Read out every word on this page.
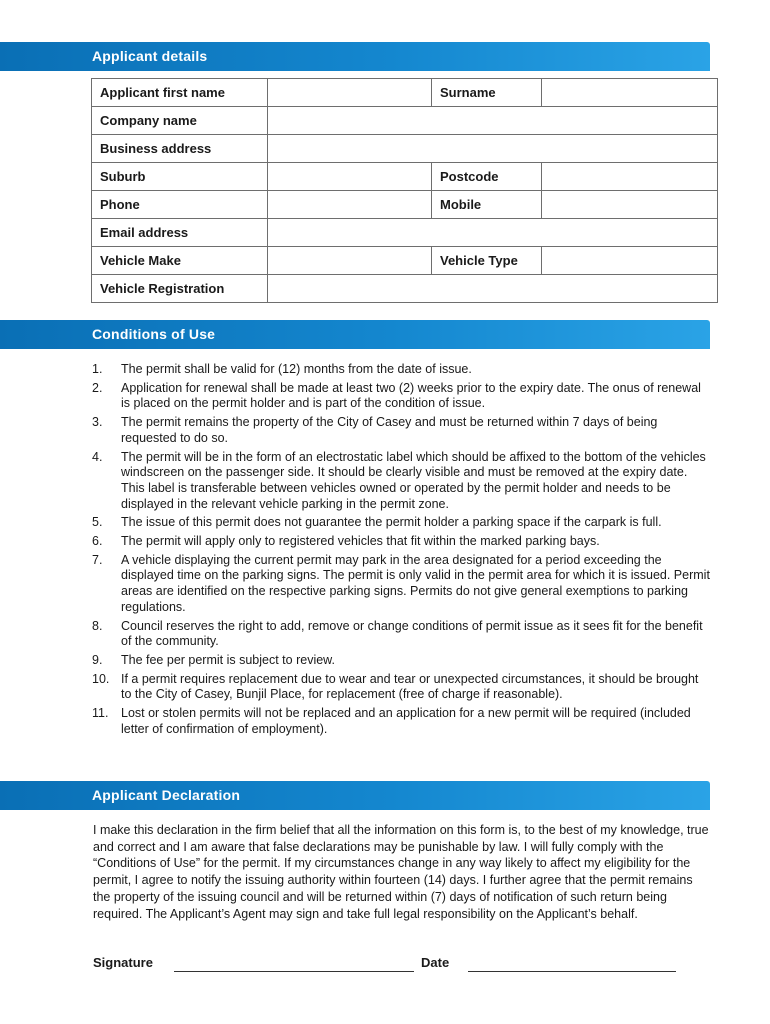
Applicant details
Applicant first name		Surname	
Company name			
Business address			
Suburb		Postcode	
Phone		Mobile	
Email address			
Vehicle Make		Vehicle Type	
Vehicle Registration			
Conditions of Use
1.	The permit shall be valid for (12) months from the date of issue.
2.	Application for renewal shall be made at least two (2) weeks prior to the expiry date. The onus of renewal is placed on the permit holder and is part of the condition of issue.
3.	The permit remains the property of the City of Casey and must be returned within 7 days of being requested to do so.
4.	The permit will be in the form of an electrostatic label which should be affixed to the bottom of the vehicles windscreen on the passenger side. It should be clearly visible and must be removed at the expiry date. This label is transferable between vehicles owned or operated by the permit holder and needs to be displayed in the relevant vehicle parking in the permit zone.
5.	The issue of this permit does not guarantee the permit holder a parking space if the carpark is full.
6.	The permit will apply only to registered vehicles that fit within the marked parking bays.
7.	A vehicle displaying the current permit may park in the area designated for a period exceeding the displayed time on the parking signs. The permit is only valid in the permit area for which it is issued. Permit areas are identified on the respective parking signs. Permits do not give general exemptions to parking regulations.
8.	Council reserves the right to add, remove or change conditions of permit issue as it sees fit for the benefit of the community.
9.	The fee per permit is subject to review.
10. If a permit requires replacement due to wear and tear or unexpected circumstances, it should be brought to the City of Casey, Bunjil Place, for replacement (free of charge if reasonable).
11.	Lost or stolen permits will not be replaced and an application for a new permit will be required (included letter of confirmation of employment).
Applicant Declaration

I make this declaration in the firm belief that all the information on this form is, to the best of my knowledge, true and correct and I am aware that false declarations may be punishable by law. I will fully comply with the “Conditions of Use” for the permit. If my circumstances change in any way likely to affect my eligibility for the permit, I agree to notify the issuing authority within fourteen (14) days. I further agree that the permit remains the property of the issuing council and will be returned within (7) days of notification of such return being required. The Applicant’s Agent may sign and take full legal responsibility on the Applicant’s behalf.

Signature	Date
